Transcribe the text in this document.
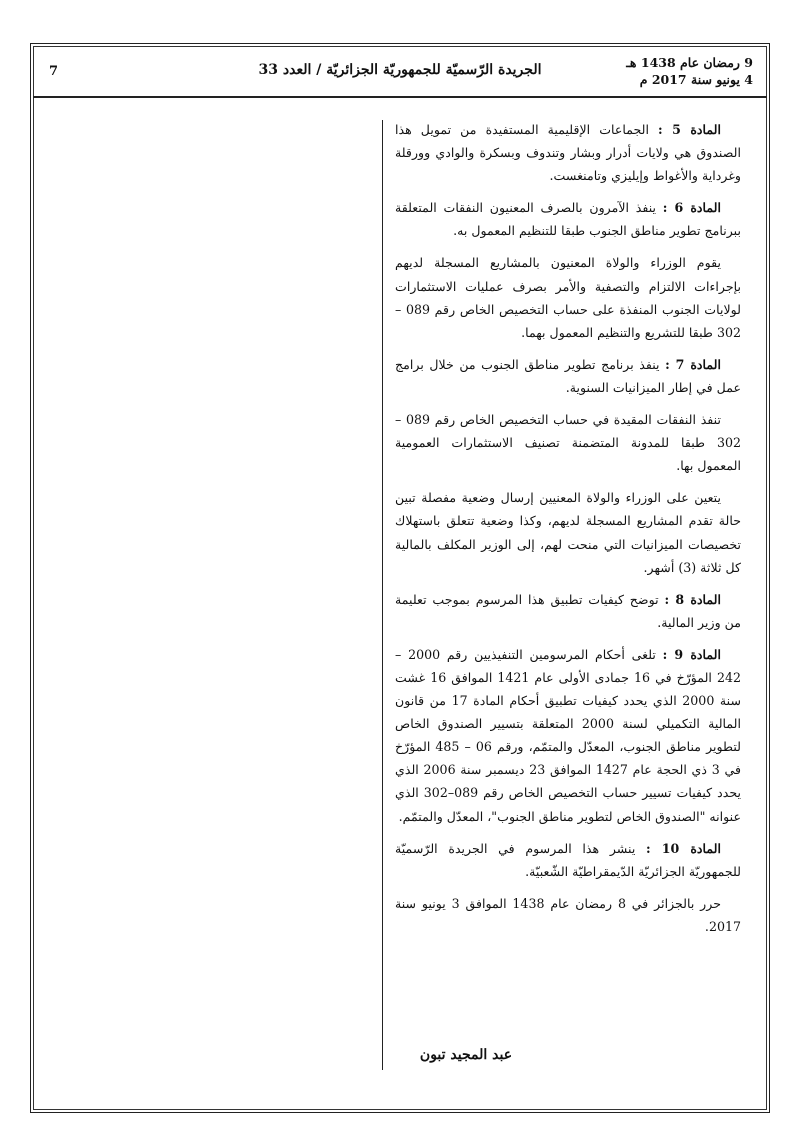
7	الجريدة الرّسميّة للجمهوريّة الجزائريّة / العدد 33	9 رمضان عام 1438 هـ
4 يونيو سنة 2017 م

المادة 5 : الجماعات الإقليمية المستفيدة من تمويل هذا الصندوق هي ولايات أدرار وبشار وتندوف وبسكرة والوادي وورقلة وغرداية والأغواط وإيليزي وتامنغست.

المادة 6 : ينفذ الآمرون بالصرف المعنيون النفقات المتعلقة ببرنامج تطوير مناطق الجنوب طبقا للتنظيم المعمول به.

يقوم الوزراء والولاة المعنيون بالمشاريع المسجلة لديهم بإجراءات الالتزام والتصفية والأمر بصرف عمليات الاستثمارات لولايات الجنوب المنفذة على حساب التخصيص الخاص رقم 089 – 302 طبقا للتشريع والتنظيم المعمول بهما.

المادة 7 : ينفذ برنامج تطوير مناطق الجنوب من خلال برامج عمل في إطار الميزانيات السنوية.

تنفذ النفقات المقيدة في حساب التخصيص الخاص رقم 089 – 302 طبقا للمدونة المتضمنة تصنيف الاستثمارات العمومية المعمول بها.

يتعين على الوزراء والولاة المعنيين إرسال وضعية مفصلة تبين حالة تقدم المشاريع المسجلة لديهم، وكذا وضعية تتعلق باستهلاك تخصيصات الميزانيات التي منحت لهم، إلى الوزير المكلف بالمالية كل ثلاثة (3) أشهر.

المادة 8 : توضح كيفيات تطبيق هذا المرسوم بموجب تعليمة من وزير المالية.

المادة 9 : تلغى أحكام المرسومين التنفيذيين رقم 2000 – 242 المؤرّخ في 16 جمادى الأولى عام 1421 الموافق 16 غشت سنة 2000 الذي يحدد كيفيات تطبيق أحكام المادة 17 من قانون المالية التكميلي لسنة 2000 المتعلقة بتسيير الصندوق الخاص لتطوير مناطق الجنوب، المعدّل والمتمّم، ورقم 06 – 485 المؤرّخ في 3 ذي الحجة عام 1427 الموافق 23 ديسمبر سنة 2006 الذي يحدد كيفيات تسيير حساب التخصيص الخاص رقم 089–302 الذي عنوانه "الصندوق الخاص لتطوير مناطق الجنوب"، المعدّل والمتمّم.

المادة 10 : ينشر هذا المرسوم في الجريدة الرّسميّة للجمهوريّة الجزائريّة الدّيمقراطيّة الشّعبيّة.

حرر بالجزائر في 8 رمضان عام 1438 الموافق 3 يونيو سنة 2017.

عبد المجيد تبون
